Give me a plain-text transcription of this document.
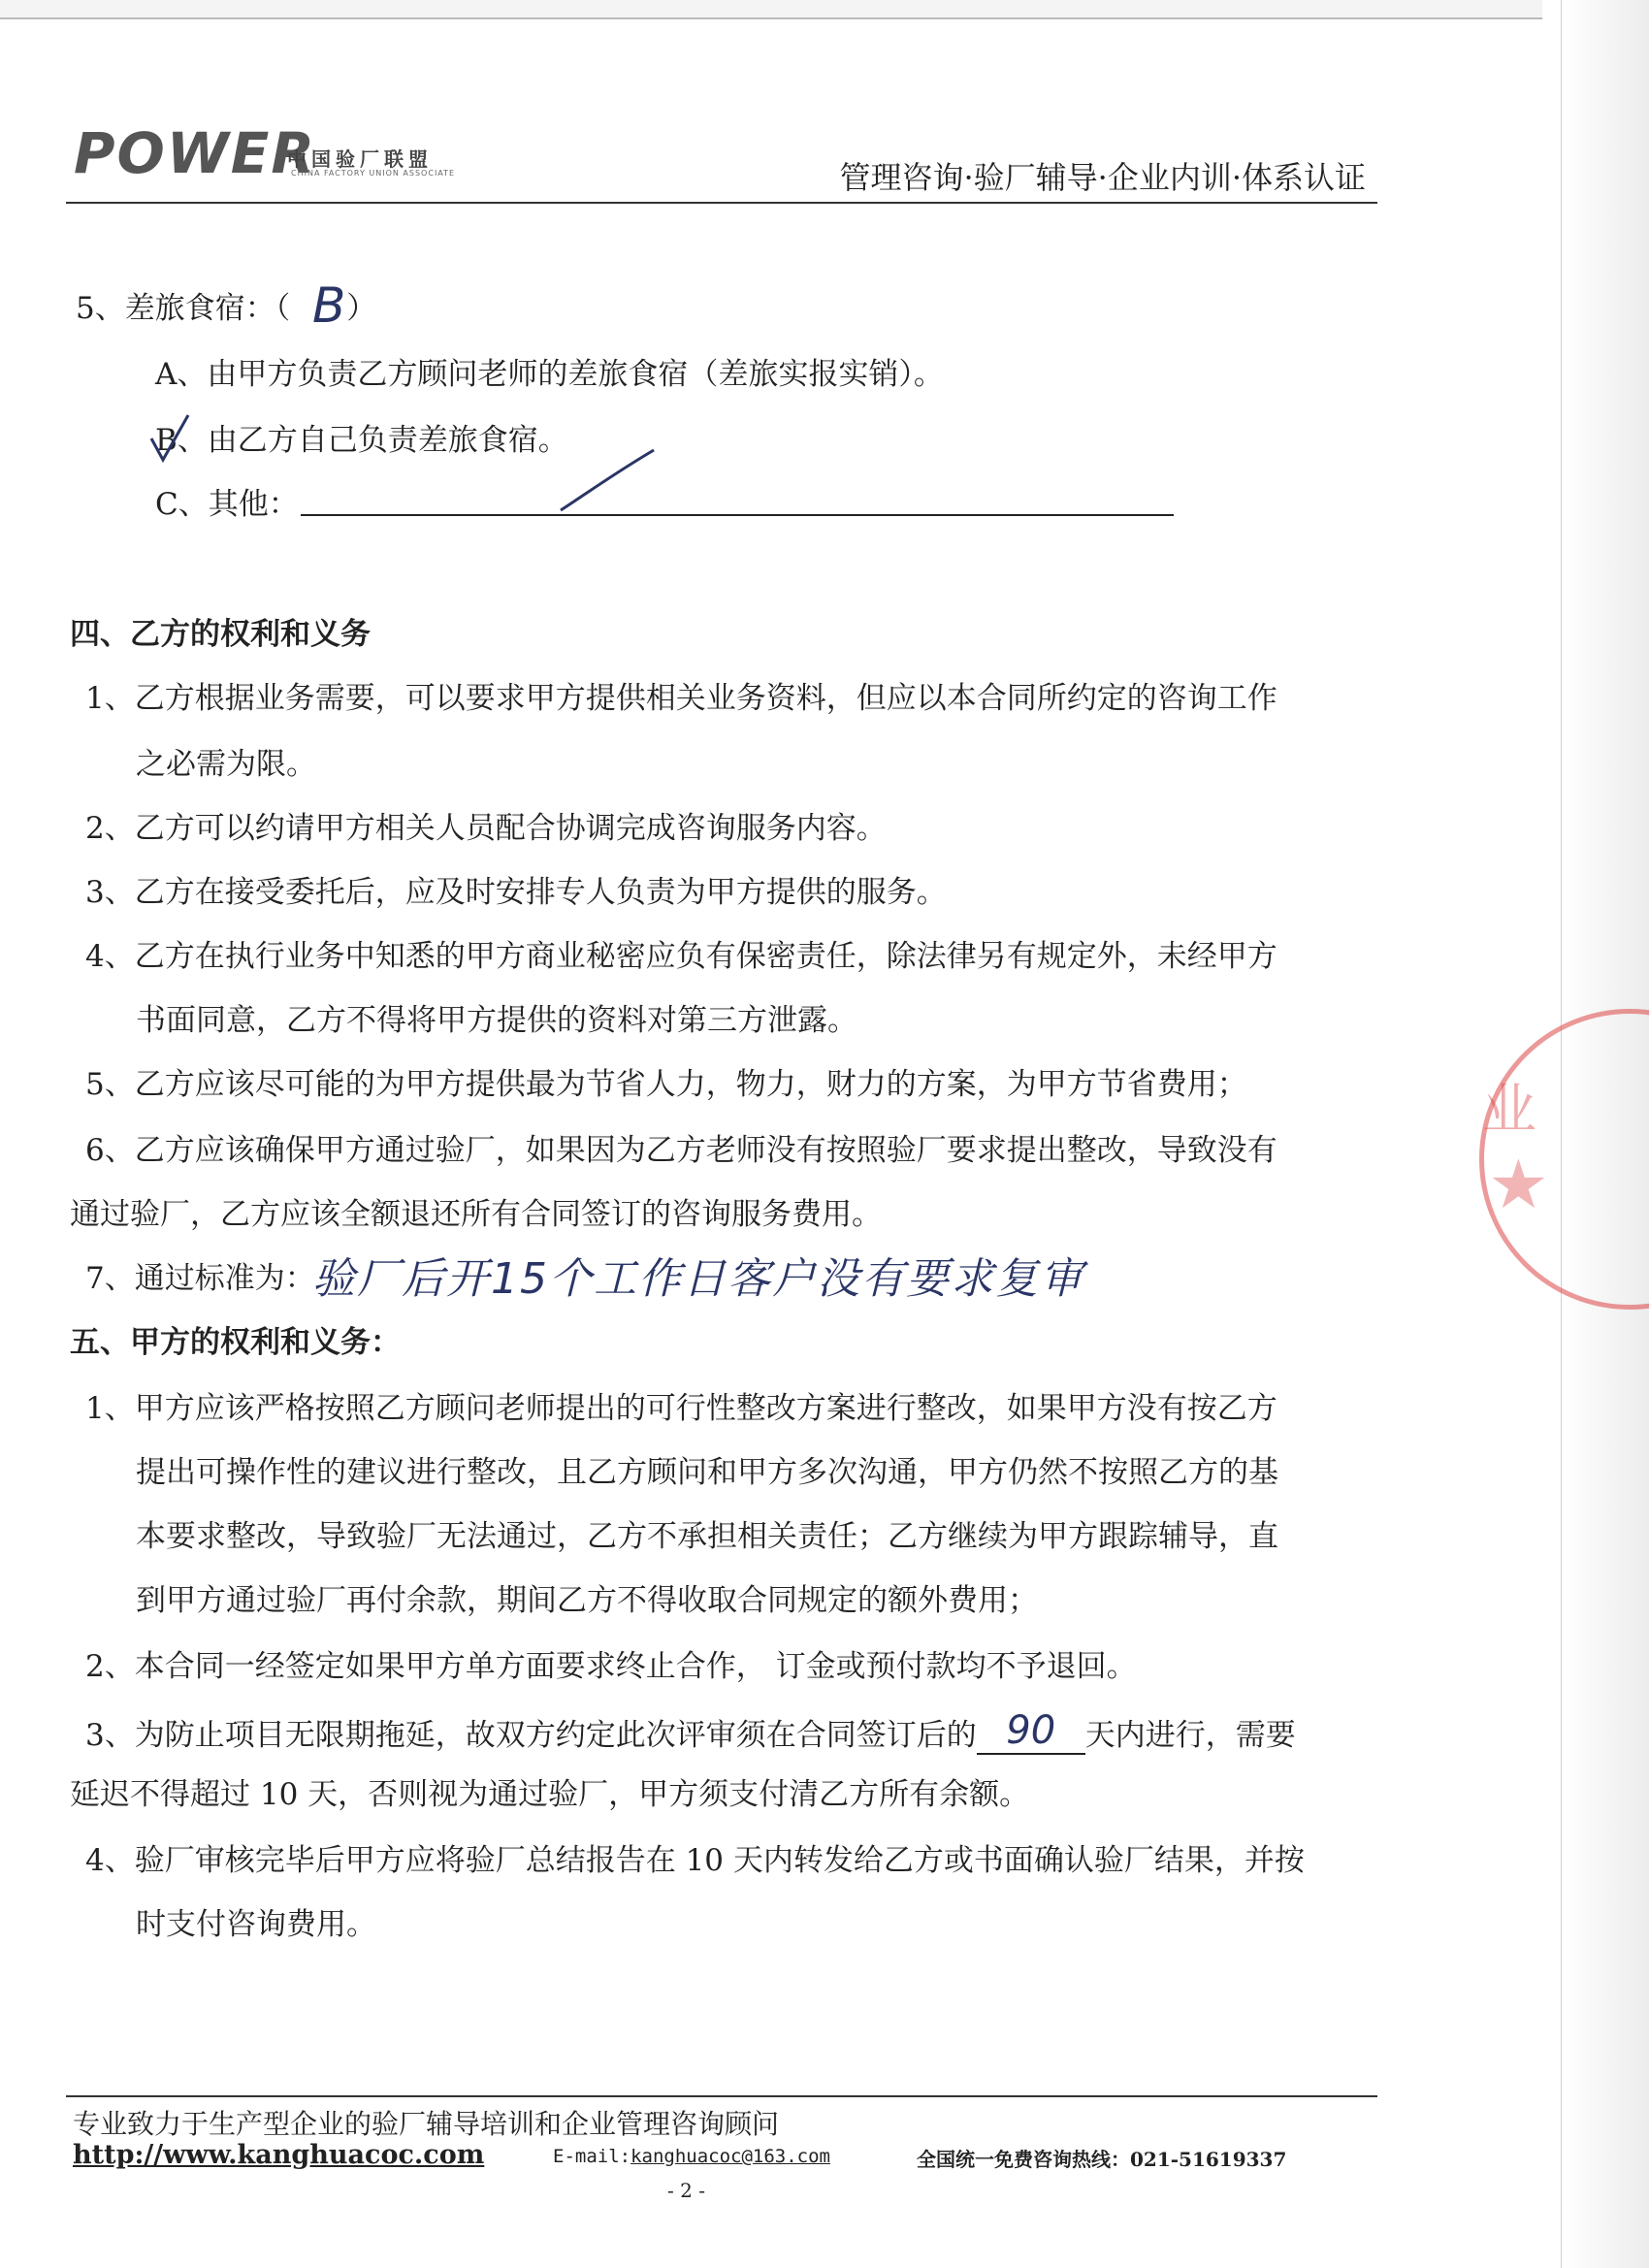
POWER
中国验厂联盟
CHINA FACTORY UNION ASSOCIATE	管理咨询·验厂辅导·企业内训·体系认证
5、差旅食宿：（ ）
B
A、由甲方负责乙方顾问老师的差旅食宿（差旅实报实销）。
B、由乙方自己负责差旅食宿。
C、其他：
四、乙方的权利和义务
1、乙方根据业务需要，可以要求甲方提供相关业务资料，但应以本合同所约定的咨询工作
之必需为限。
2、乙方可以约请甲方相关人员配合协调完成咨询服务内容。
3、乙方在接受委托后，应及时安排专人负责为甲方提供的服务。
4、乙方在执行业务中知悉的甲方商业秘密应负有保密责任，除法律另有规定外，未经甲方
书面同意，乙方不得将甲方提供的资料对第三方泄露。
5、乙方应该尽可能的为甲方提供最为节省人力，物力，财力的方案，为甲方节省费用；
6、乙方应该确保甲方通过验厂，如果因为乙方老师没有按照验厂要求提出整改，导致没有
通过验厂，乙方应该全额退还所有合同签订的咨询服务费用。
7、通过标准为：
验厂后开15个工作日客户没有要求复审
五、甲方的权利和义务：
1、甲方应该严格按照乙方顾问老师提出的可行性整改方案进行整改，如果甲方没有按乙方
提出可操作性的建议进行整改，且乙方顾问和甲方多次沟通，甲方仍然不按照乙方的基
本要求整改，导致验厂无法通过，乙方不承担相关责任；乙方继续为甲方跟踪辅导，直
到甲方通过验厂再付余款，期间乙方不得收取合同规定的额外费用；
2、本合同一经签定如果甲方单方面要求终止合作， 订金或预付款均不予退回。
3、为防止项目无限期拖延，故双方约定此次评审须在合同签订后的 90 天内进行，需要
延迟不得超过 10 天，否则视为通过验厂，甲方须支付清乙方所有余额。
4、验厂审核完毕后甲方应将验厂总结报告在 10 天内转发给乙方或书面确认验厂结果，并按
时支付咨询费用。
业
★
专业致力于生产型企业的验厂辅导培训和企业管理咨询顾问
http://www.kanghuacoc.com	E-mail:kanghuacoc@163.com	全国统一免费咨询热线：021-51619337
- 2 -
